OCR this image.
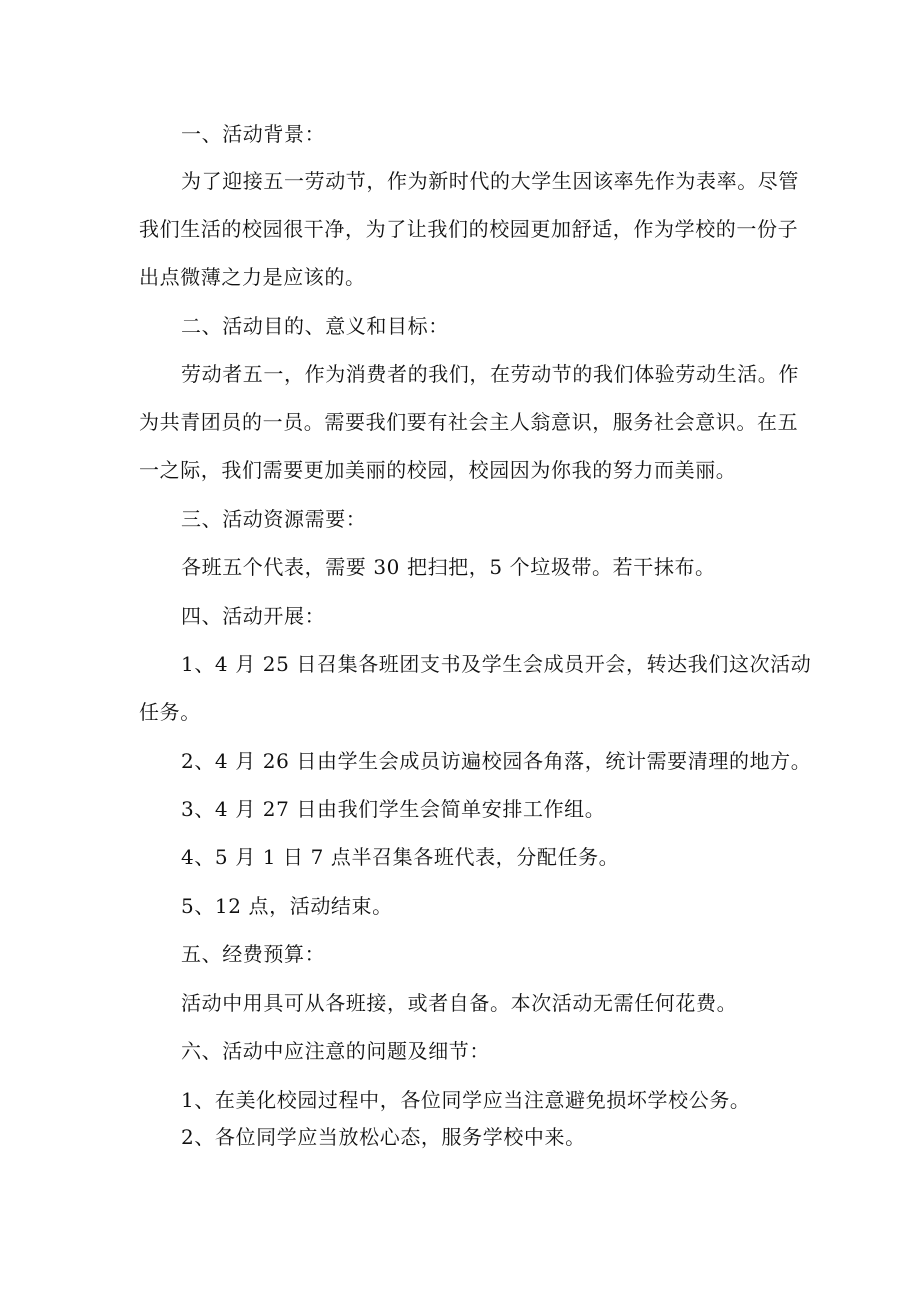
一、活动背景：
为了迎接五一劳动节，作为新时代的大学生因该率先作为表率。尽管
我们生活的校园很干净，为了让我们的校园更加舒适，作为学校的一份子
出点微薄之力是应该的。
二、活动目的、意义和目标：
劳动者五一，作为消费者的我们，在劳动节的我们体验劳动生活。作
为共青团员的一员。需要我们要有社会主人翁意识，服务社会意识。在五
一之际，我们需要更加美丽的校园，校园因为你我的努力而美丽。
三、活动资源需要：
各班五个代表，需要 30 把扫把，5 个垃圾带。若干抹布。
四、活动开展：
1、4 月 25 日召集各班团支书及学生会成员开会，转达我们这次活动
任务。
2、4 月 26 日由学生会成员访遍校园各角落，统计需要清理的地方。
3、4 月 27 日由我们学生会简单安排工作组。
4、5 月 1 日 7 点半召集各班代表，分配任务。
5、12 点，活动结束。
五、经费预算：
活动中用具可从各班接，或者自备。本次活动无需任何花费。
六、活动中应注意的问题及细节：
1、在美化校园过程中，各位同学应当注意避免损坏学校公务。
2、各位同学应当放松心态，服务学校中来。
